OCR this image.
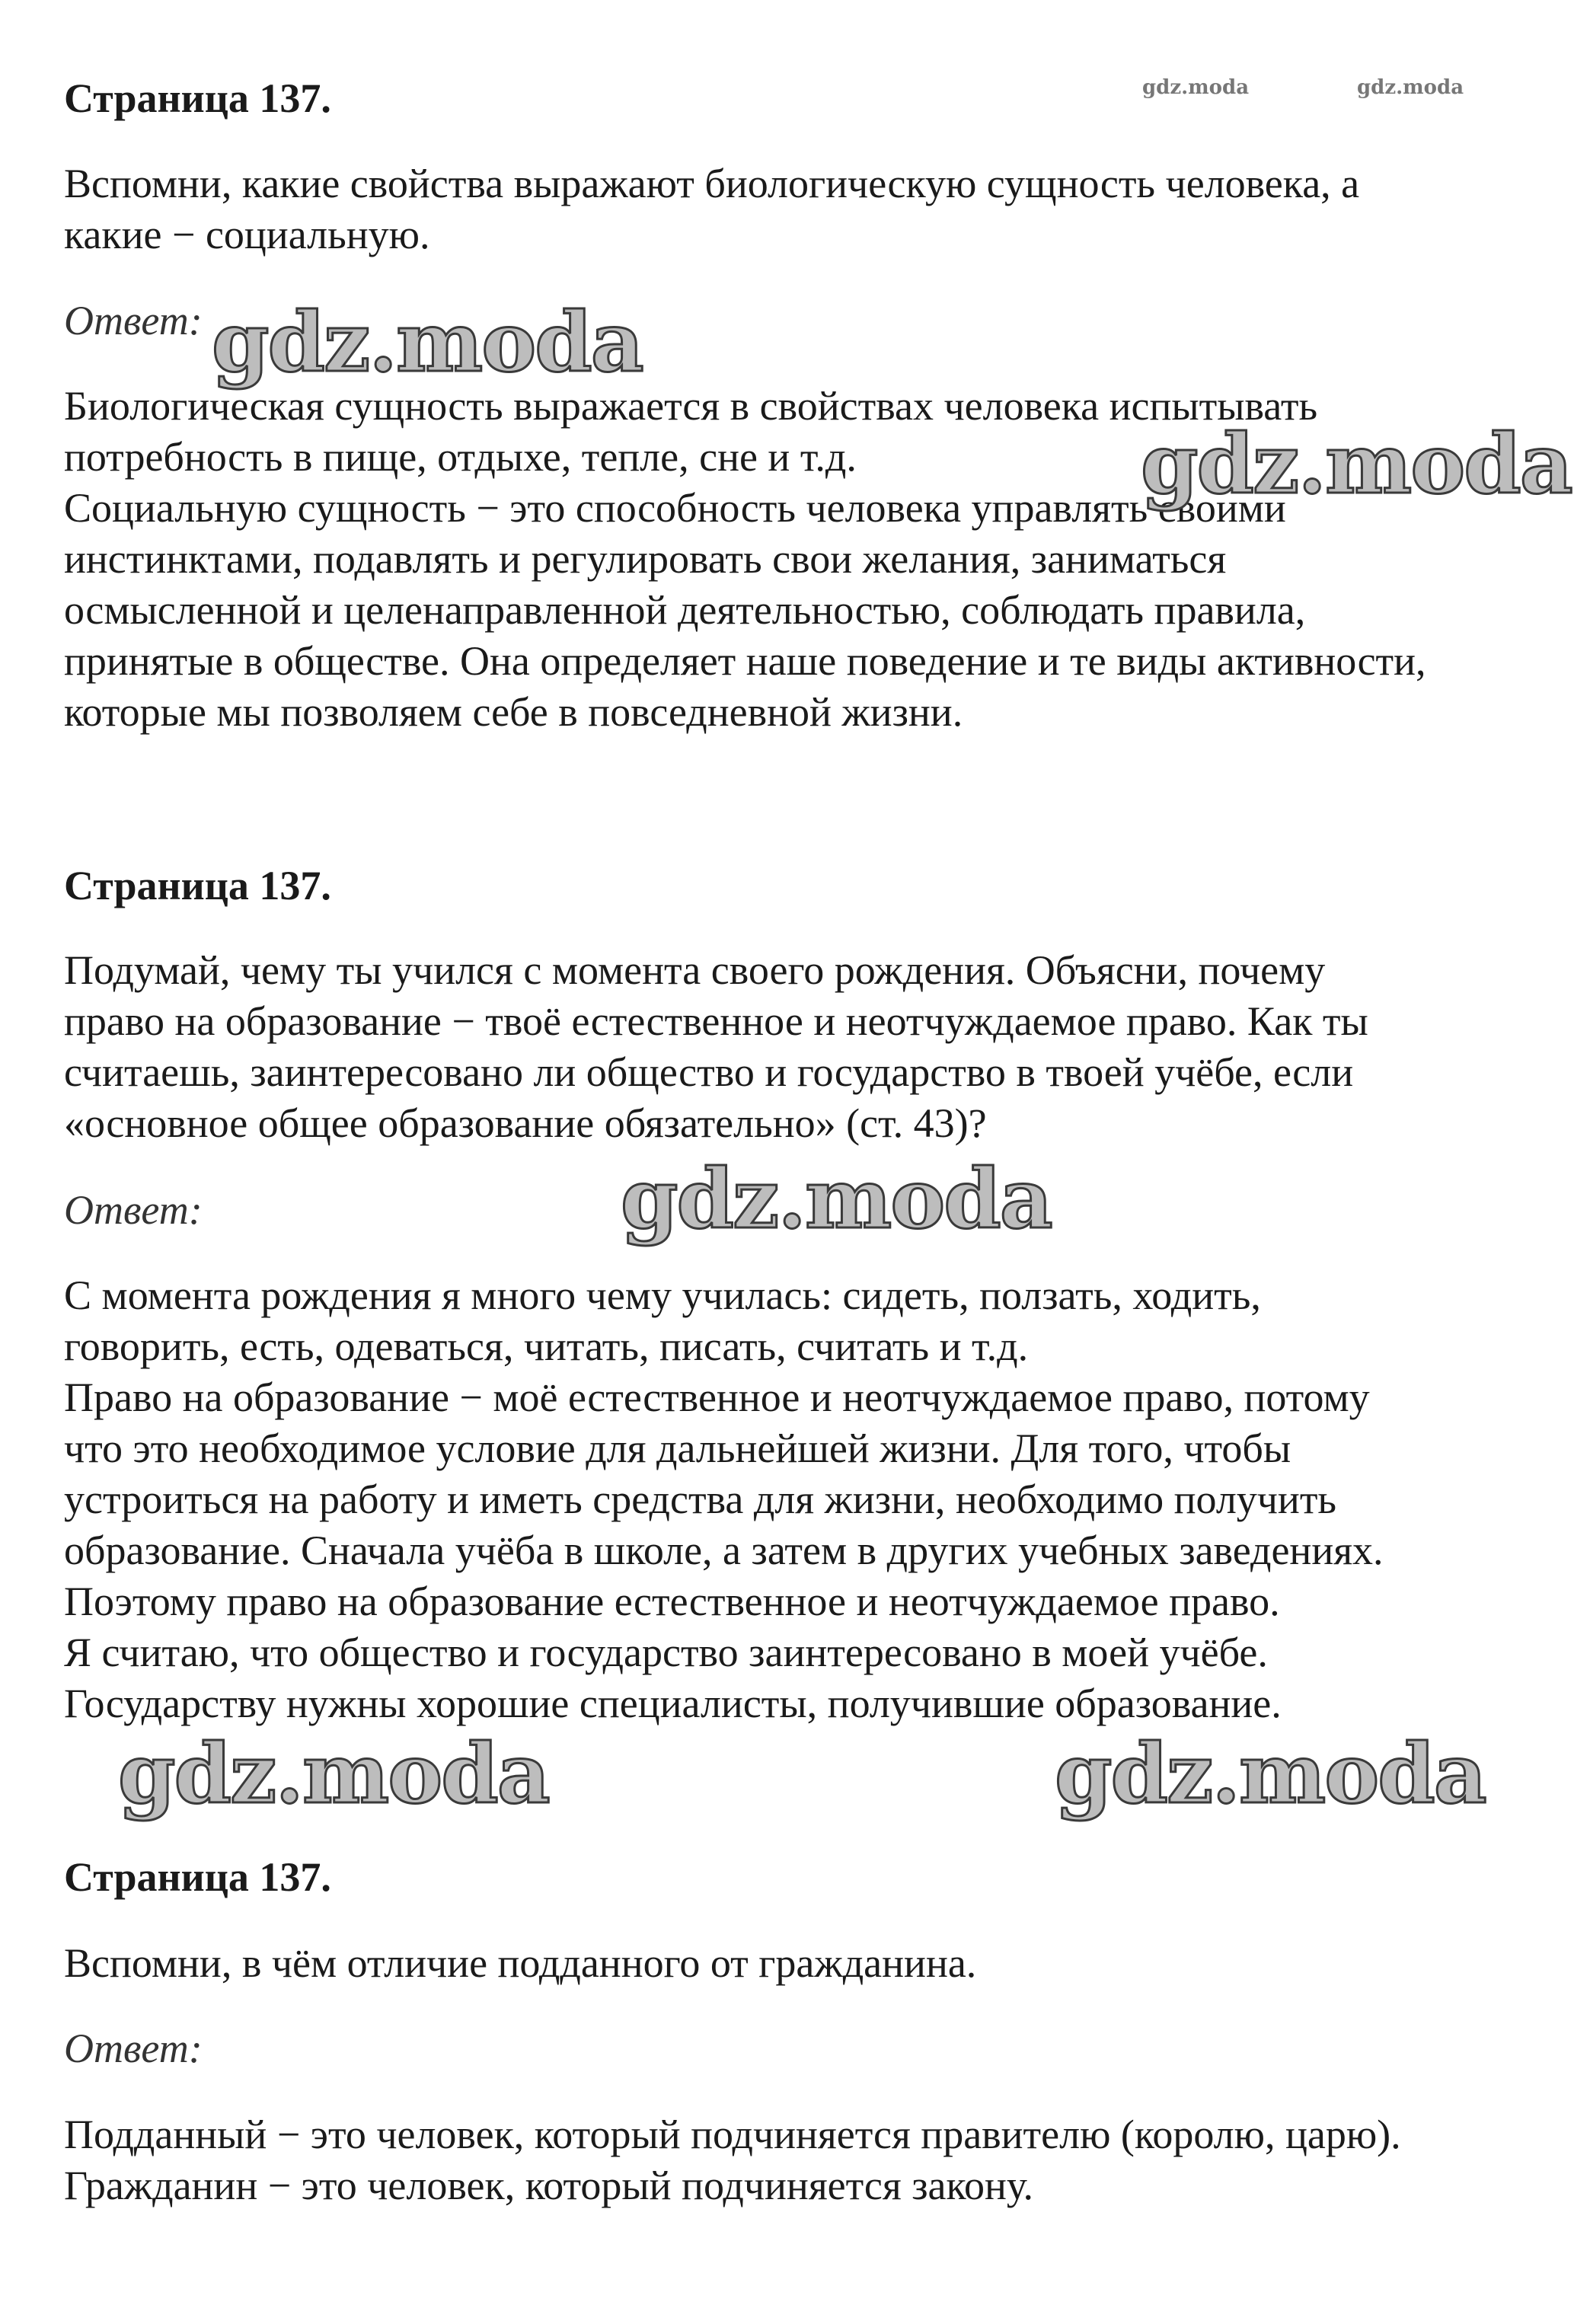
gdz.moda	gdz.moda
Страница 137.

Вспомни, какие свойства выражают биологическую сущность человека, а

какие − социальную.

Ответ:

Биологическая сущность выражается в свойствах человека испытывать

потребность в пище, отдыхе, тепле, сне и т.д.

Социальную сущность − это способность человека управлять своими

инстинктами, подавлять и регулировать свои желания, заниматься

осмысленной и целенаправленной деятельностью, соблюдать правила,

принятые в обществе. Она определяет наше поведение и те виды активности,

которые мы позволяем себе в повседневной жизни.

gdz.moda
gdz.moda
Страница 137.

Подумай, чему ты учился с момента своего рождения. Объясни, почему

право на образование − твоё естественное и неотчуждаемое право. Как ты

считаешь, заинтересовано ли общество и государство в твоей учёбе, если

«основное общее образование обязательно» (ст. 43)?

Ответ:

С момента рождения я много чему училась: сидеть, ползать, ходить,

говорить, есть, одеваться, читать, писать, считать и т.д.

Право на образование − моё естественное и неотчуждаемое право, потому

что это необходимое условие для дальнейшей жизни. Для того, чтобы

устроиться на работу и иметь средства для жизни, необходимо получить

образование. Сначала учёба в школе, а затем в других учебных заведениях.

Поэтому право на образование естественное и неотчуждаемое право.

Я считаю, что общество и государство заинтересовано в моей учёбе.

Государству нужны хорошие специалисты, получившие образование.

gdz.moda
gdz.moda	gdz.moda
Страница 137.

Вспомни, в чём отличие подданного от гражданина.

Ответ:

Подданный − это человек, который подчиняется правителю (королю, царю).

Гражданин − это человек, который подчиняется закону.
